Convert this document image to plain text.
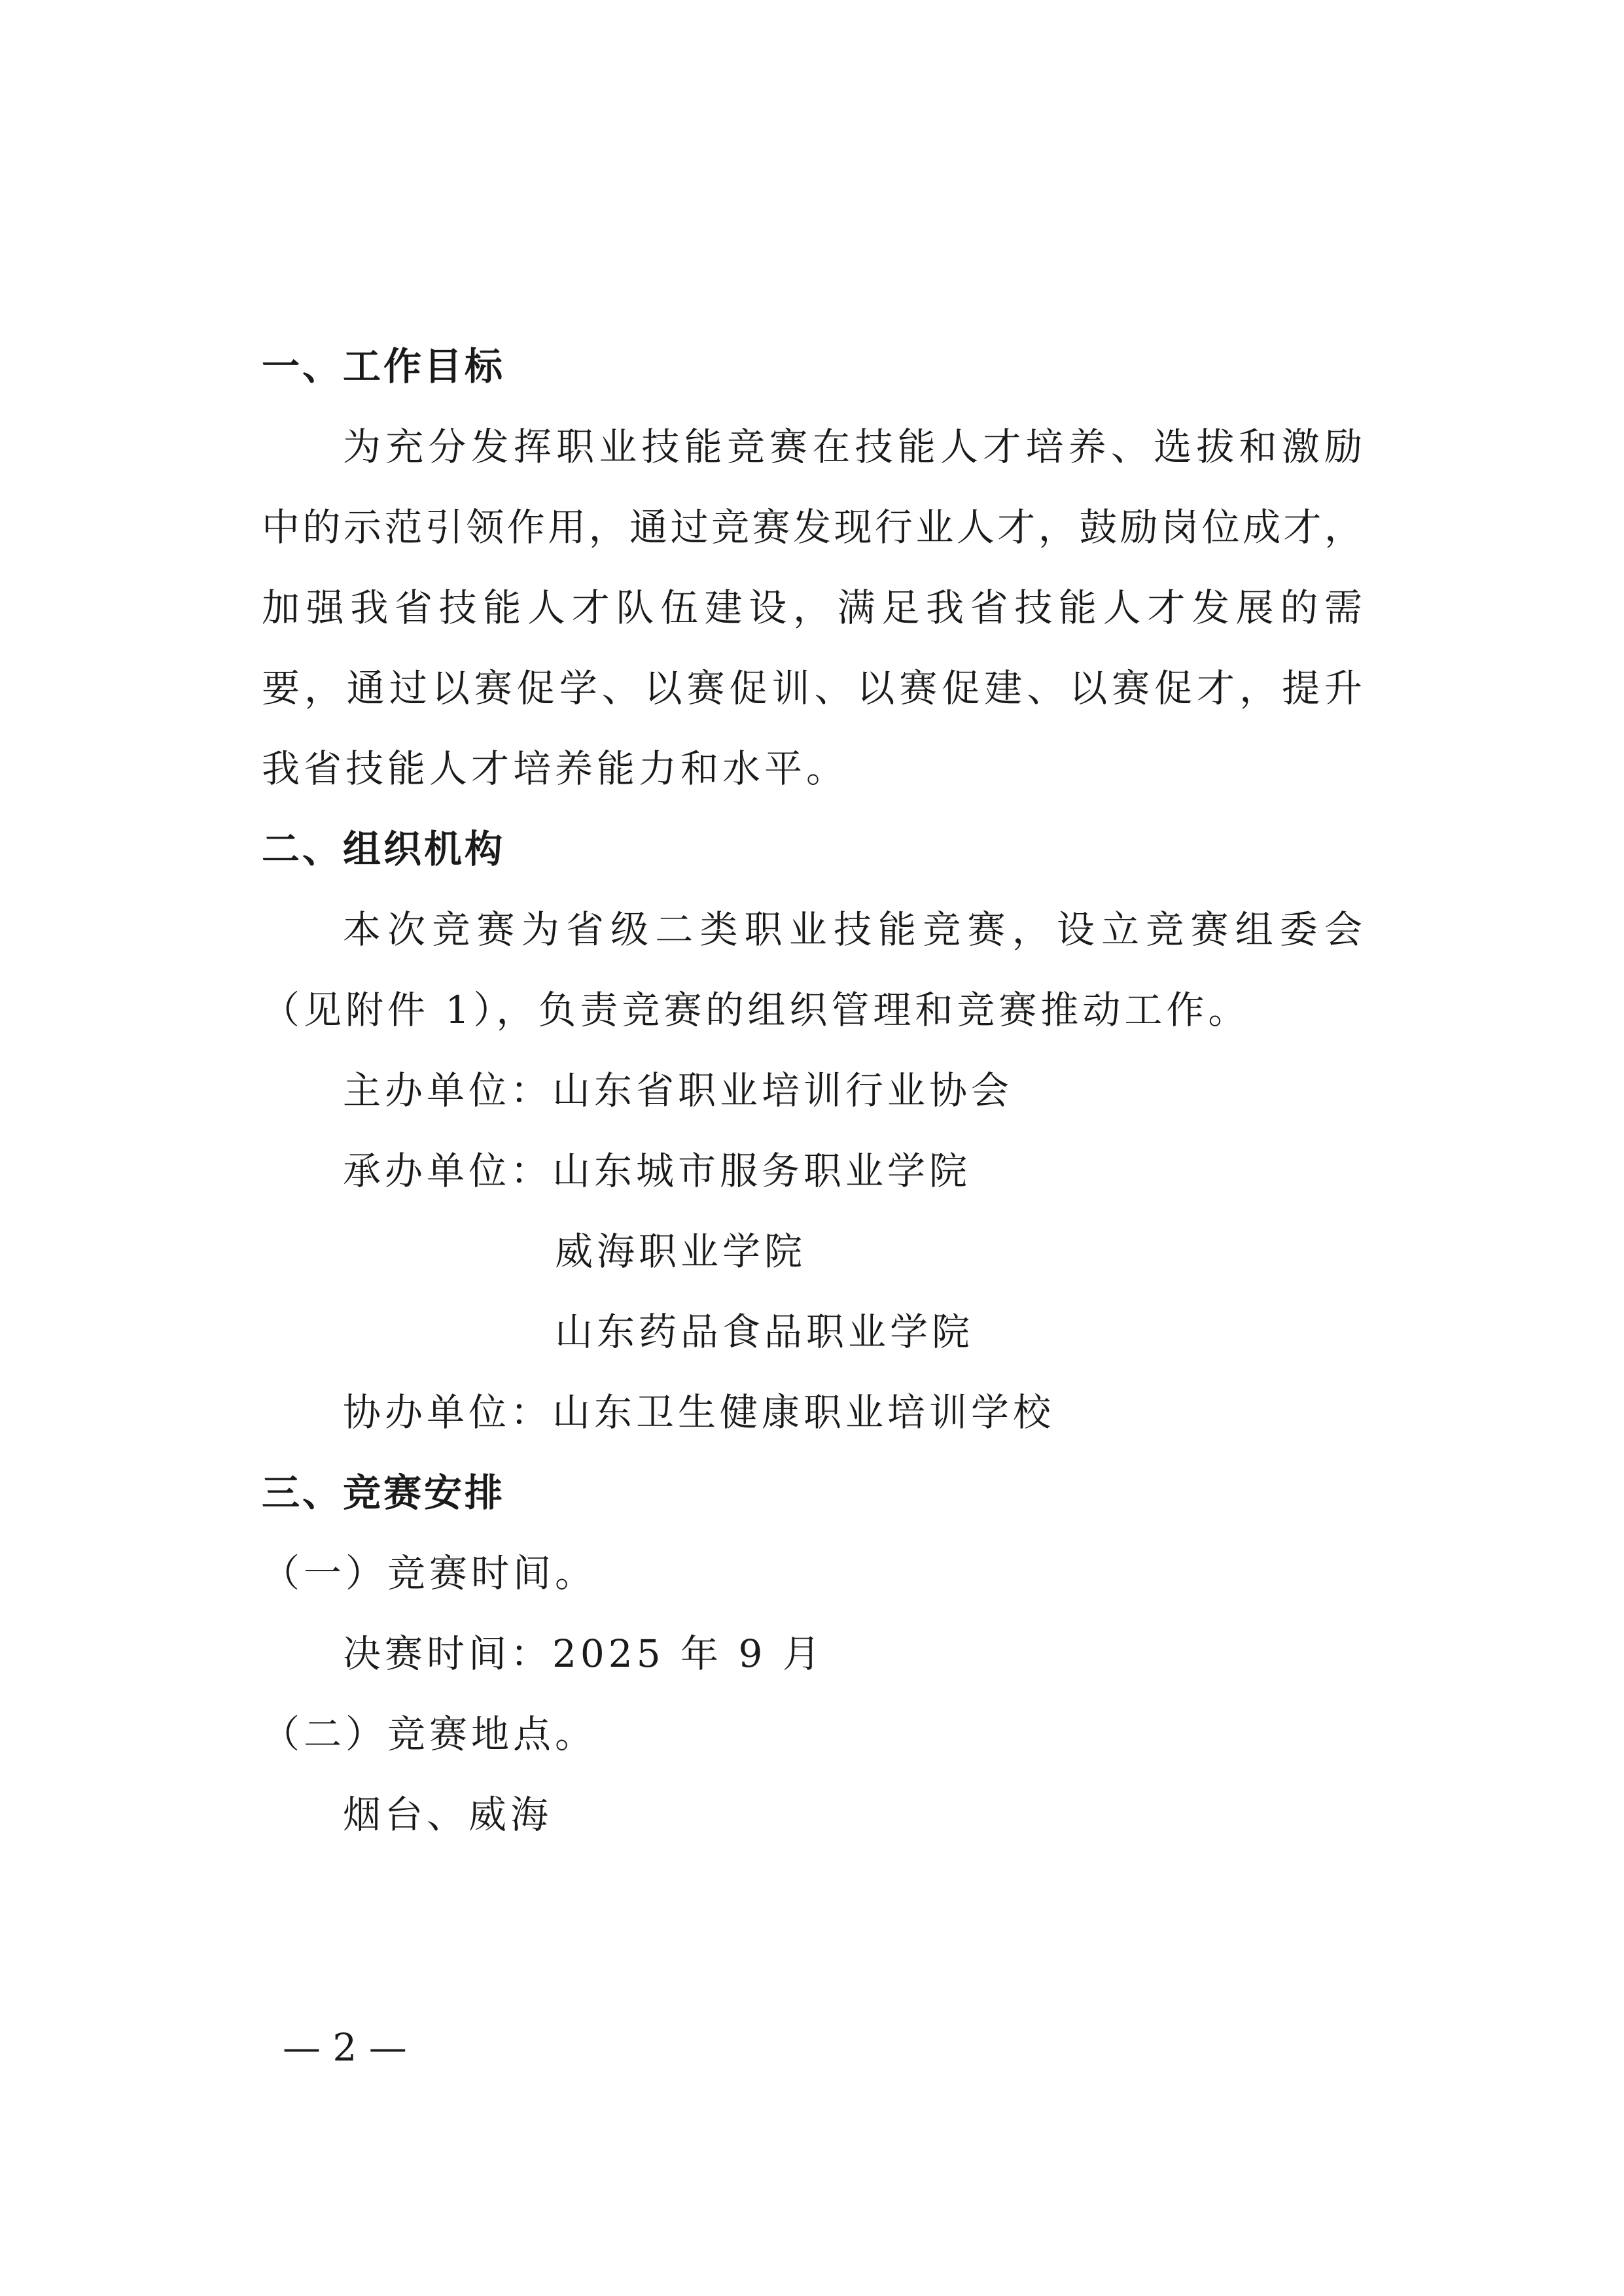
一、工作目标
为充分发挥职业技能竞赛在技能人才培养、选拔和激励
中的示范引领作用，通过竞赛发现行业人才，鼓励岗位成才，
加强我省技能人才队伍建设，满足我省技能人才发展的需
要，通过以赛促学、以赛促训、以赛促建、以赛促才，提升
我省技能人才培养能力和水平。
二、组织机构
本次竞赛为省级二类职业技能竞赛，设立竞赛组委会
（见附件 1），负责竞赛的组织管理和竞赛推动工作。
主办单位：山东省职业培训行业协会
承办单位：山东城市服务职业学院
威海职业学院
山东药品食品职业学院
协办单位：山东卫生健康职业培训学校
三、竞赛安排
（一）竞赛时间。
决赛时间：2025 年 9 月
（二）竞赛地点。
烟台、威海
— 2 —
